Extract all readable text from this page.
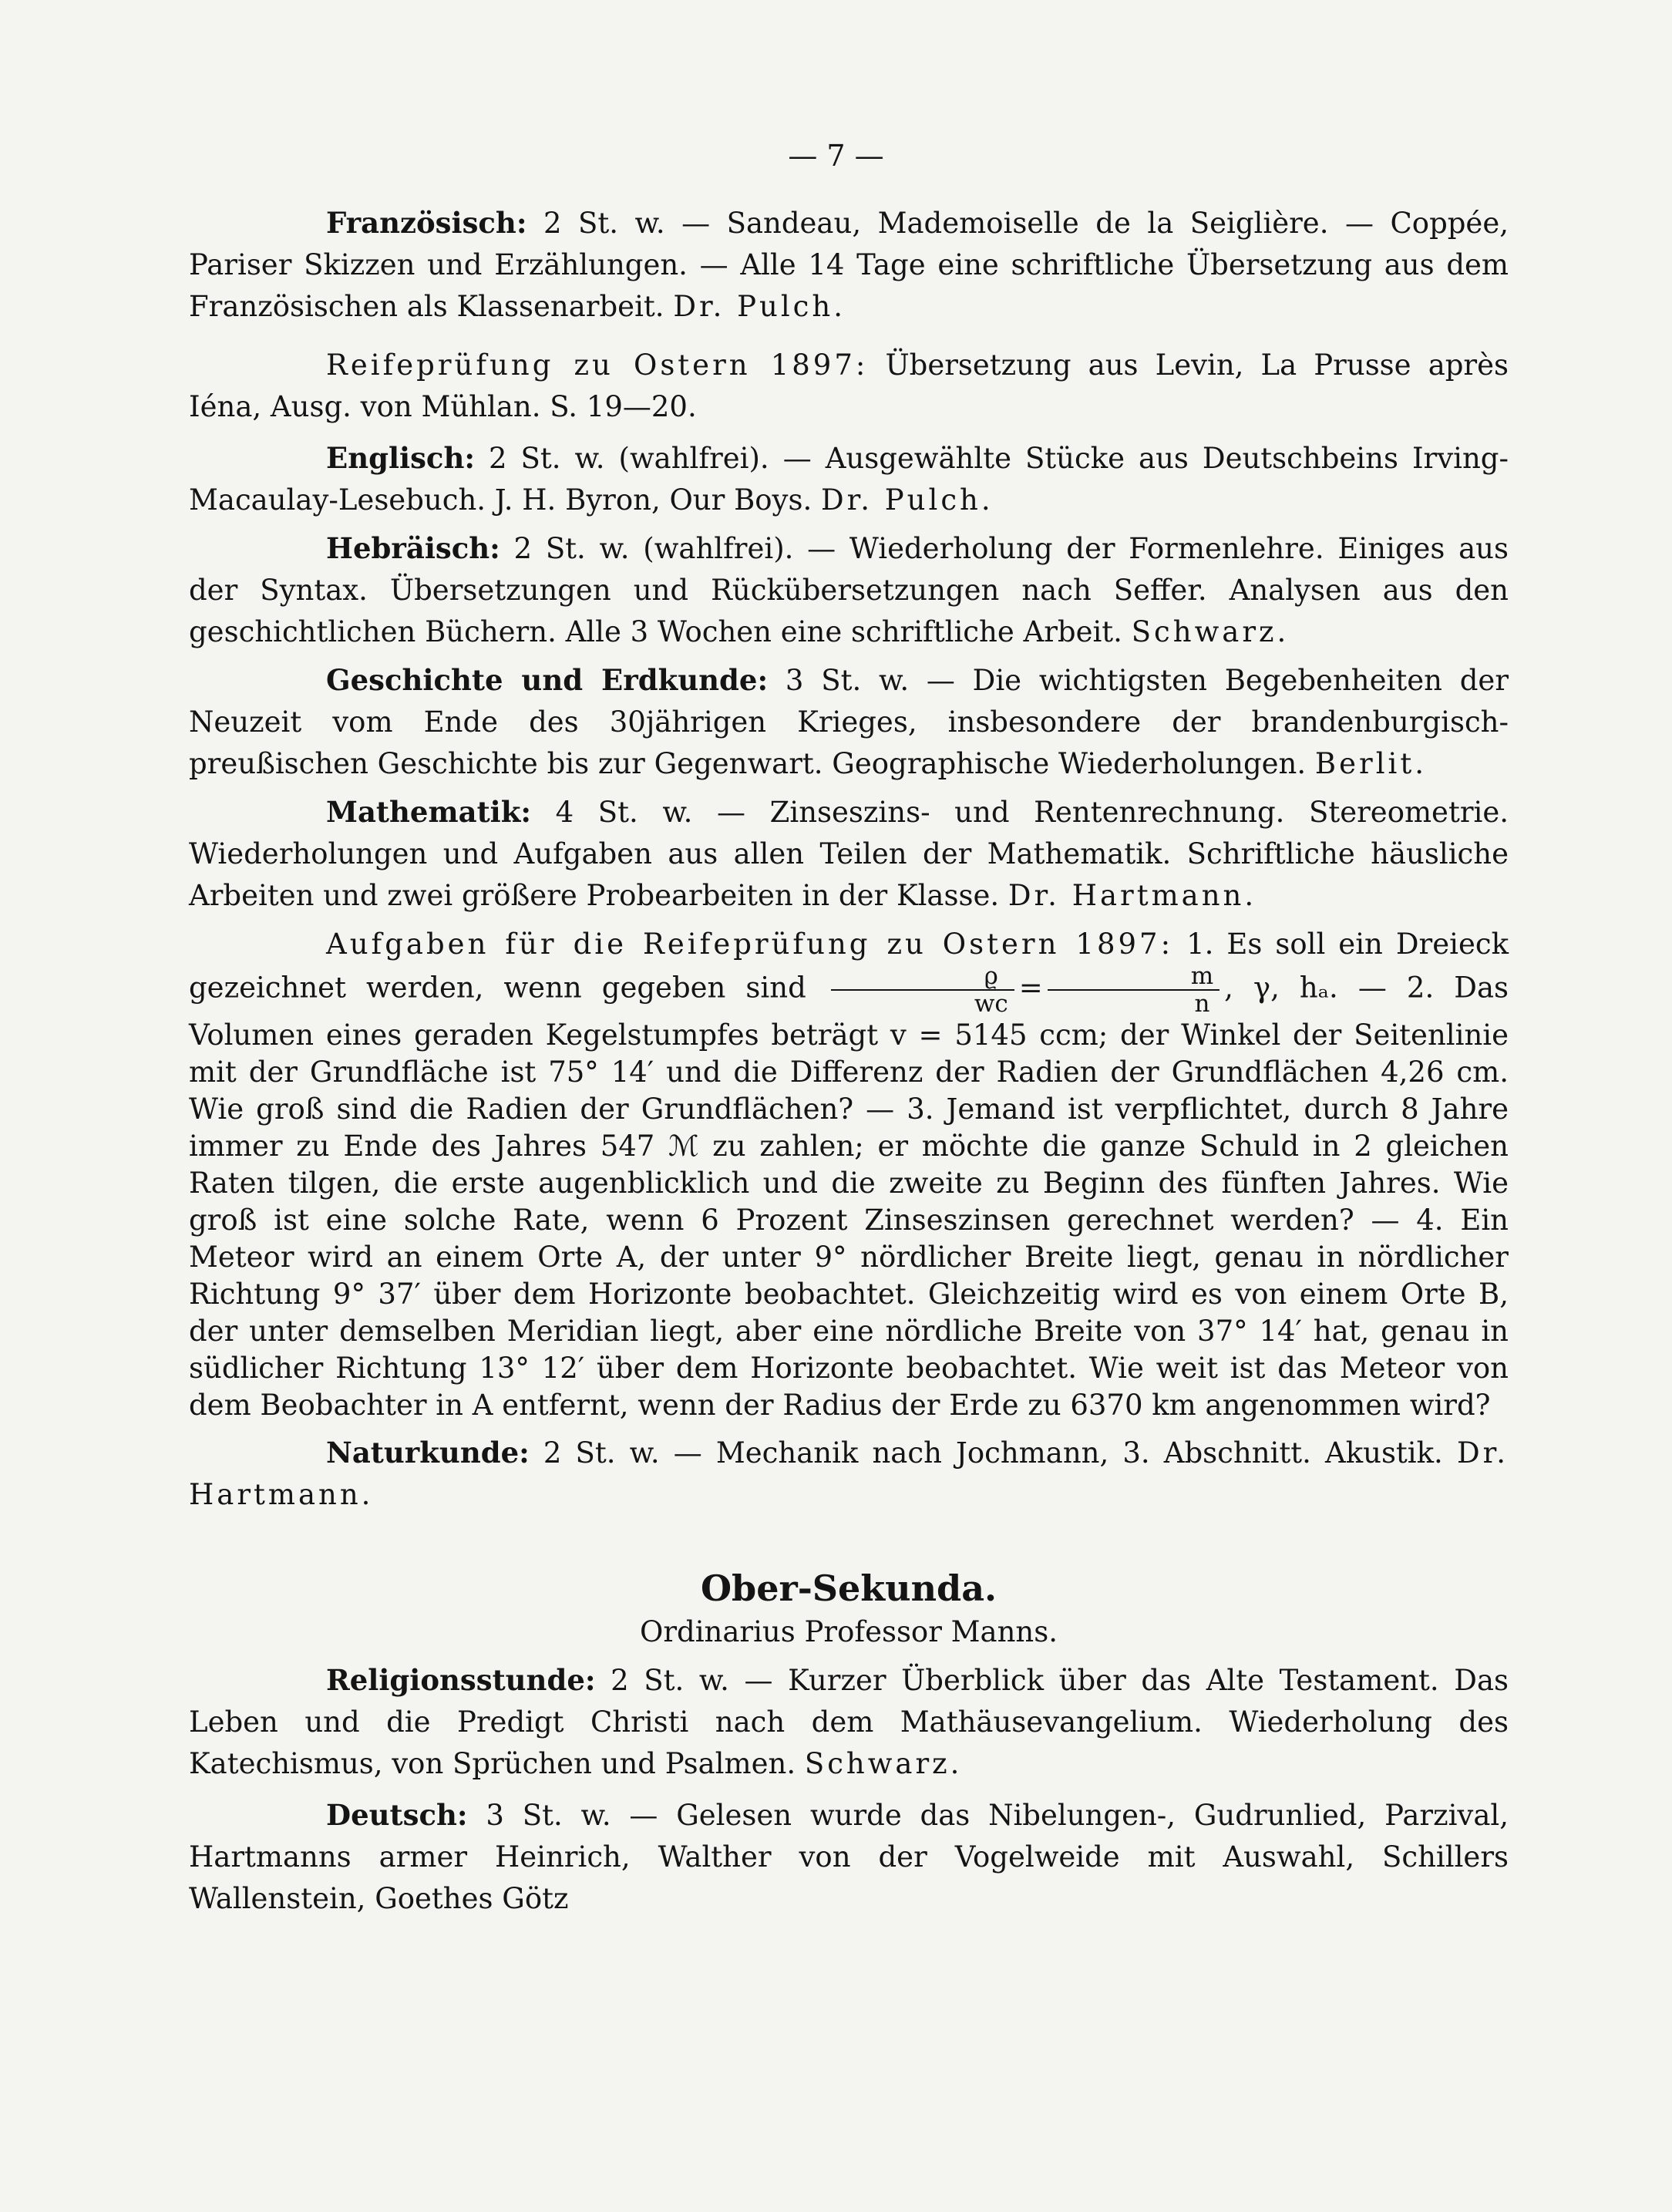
— 7 —

Französisch: 2 St. w. — Sandeau, Mademoiselle de la Seiglière. — Coppée, Pariser Skizzen und Erzählungen. — Alle 14 Tage eine schriftliche Übersetzung aus dem Französischen als Klassenarbeit. Dr. Pulch.

Reifeprüfung zu Ostern 1897: Übersetzung aus Levin, La Prusse après Iéna, Ausg. von Mühlan. S. 19—20.

Englisch: 2 St. w. (wahlfrei). — Ausgewählte Stücke aus Deutschbeins Irving-Macaulay-Lesebuch. J. H. Byron, Our Boys. Dr. Pulch.

Hebräisch: 2 St. w. (wahlfrei). — Wiederholung der Formenlehre. Einiges aus der Syntax. Übersetzungen und Rückübersetzungen nach Seffer. Analysen aus den geschichtlichen Büchern. Alle 3 Wochen eine schriftliche Arbeit. Schwarz.

Geschichte und Erdkunde: 3 St. w. — Die wichtigsten Begebenheiten der Neuzeit vom Ende des 30jährigen Krieges, insbesondere der brandenburgisch-preußischen Geschichte bis zur Gegenwart. Geographische Wiederholungen. Berlit.

Mathematik: 4 St. w. — Zinseszins- und Rentenrechnung. Stereometrie. Wiederholungen und Aufgaben aus allen Teilen der Mathematik. Schriftliche häusliche Arbeiten und zwei größere Probearbeiten in der Klasse. Dr. Hartmann.

Aufgaben für die Reifeprüfung zu Ostern 1897: 1. Es soll ein Dreieck gezeichnet werden, wenn gegeben sind $\frac{ϱ}{wc} = \frac{m}{n}$ , γ, hₐ. — 2. Das Volumen eines geraden Kegelstumpfes beträgt v = 5145 ccm; der Winkel der Seitenlinie mit der Grundfläche ist 75° 14′ und die Differenz der Radien der Grundflächen 4,26 cm. Wie groß sind die Radien der Grundflächen? — 3. Jemand ist verpflichtet, durch 8 Jahre immer zu Ende des Jahres 547 ℳ zu zahlen; er möchte die ganze Schuld in 2 gleichen Raten tilgen, die erste augenblicklich und die zweite zu Beginn des fünften Jahres. Wie groß ist eine solche Rate, wenn 6 Prozent Zinseszinsen gerechnet werden? — 4. Ein Meteor wird an einem Orte A, der unter 9° nördlicher Breite liegt, genau in nördlicher Richtung 9° 37′ über dem Horizonte beobachtet. Gleichzeitig wird es von einem Orte B, der unter demselben Meridian liegt, aber eine nördliche Breite von 37° 14′ hat, genau in südlicher Richtung 13° 12′ über dem Horizonte beobachtet. Wie weit ist das Meteor von dem Beobachter in A entfernt, wenn der Radius der Erde zu 6370 km angenommen wird?

Naturkunde: 2 St. w. — Mechanik nach Jochmann, 3. Abschnitt. Akustik. Dr. Hartmann.

Ober-Sekunda.
Ordinarius Professor Manns.

Religionsstunde: 2 St. w. — Kurzer Überblick über das Alte Testament. Das Leben und die Predigt Christi nach dem Mathäusevangelium. Wiederholung des Katechismus, von Sprüchen und Psalmen. Schwarz.

Deutsch: 3 St. w. — Gelesen wurde das Nibelungen-, Gudrunlied, Parzival, Hartmanns armer Heinrich, Walther von der Vogelweide mit Auswahl, Schillers Wallenstein, Goethes Götz
